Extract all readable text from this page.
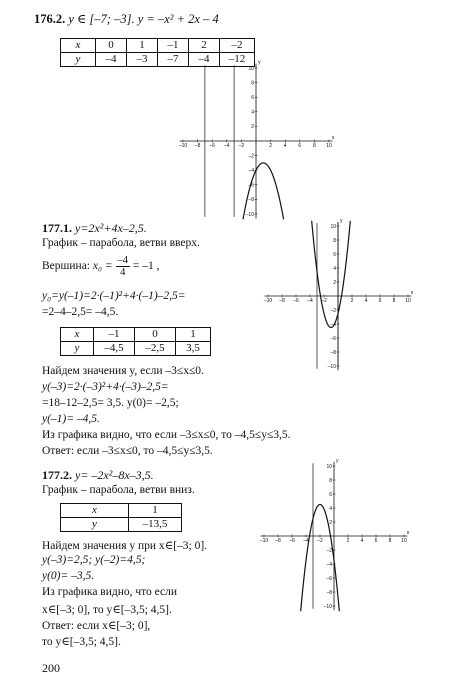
176.2. y ∈ [–7; –3]. y = –x² + 2x – 4
x	0	1	–1	2	–2
y	–4	–3	–7	–4	–12
x
y
–10 –8 –6 –4 –2	2 4 6 8 10
10
8
6
4
2
–2
–4
–6
–8
–10
177.1. y=2x²+4x–2,5.
График – парабола, ветви вверх.
Вершина: $x_0 = \frac{-4}{4} = -1$ ,
y₀=y(–1)=2·(–1)²+4·(–1)–2,5=
=2–4–2,5= –4,5.
x	–1	0	1
y	–4,5	–2,5	3,5
Найдем значения y, если –3≤x≤0.
y(–3)=2·(–3)²+4·(–3)–2,5=
=18–12–2,5= 3,5. y(0)= –2,5;
y(–1)= –4,5.
Из графика видно, что если –3≤x≤0, то –4,5≤y≤3,5.
Ответ: если –3≤x≤0, то –4,5≤y≤3,5.
x
y
–10 –8 –6 –4 –2	2 4 6 8 10
10
8
6
4
2
–2
–4
–6
–8
–10
177.2. y= –2x²–8x–3,5.
График – парабола, ветви вниз.
x	1
y	–13,5
Найдем значения y при x∈[–3; 0].
y(–3)=2,5; y(–2)=4,5;
y(0)= –3,5.
Из графика видно, что если
x∈[–3; 0], то y∈[–3,5; 4,5].
Ответ: если x∈[–3; 0],
то y∈[–3,5; 4,5].
x
y
–10 –8 –6 –4 –2	2 4 6 8 10
10
8
6
4
2
–2
–4
–6
–8
–10
200
